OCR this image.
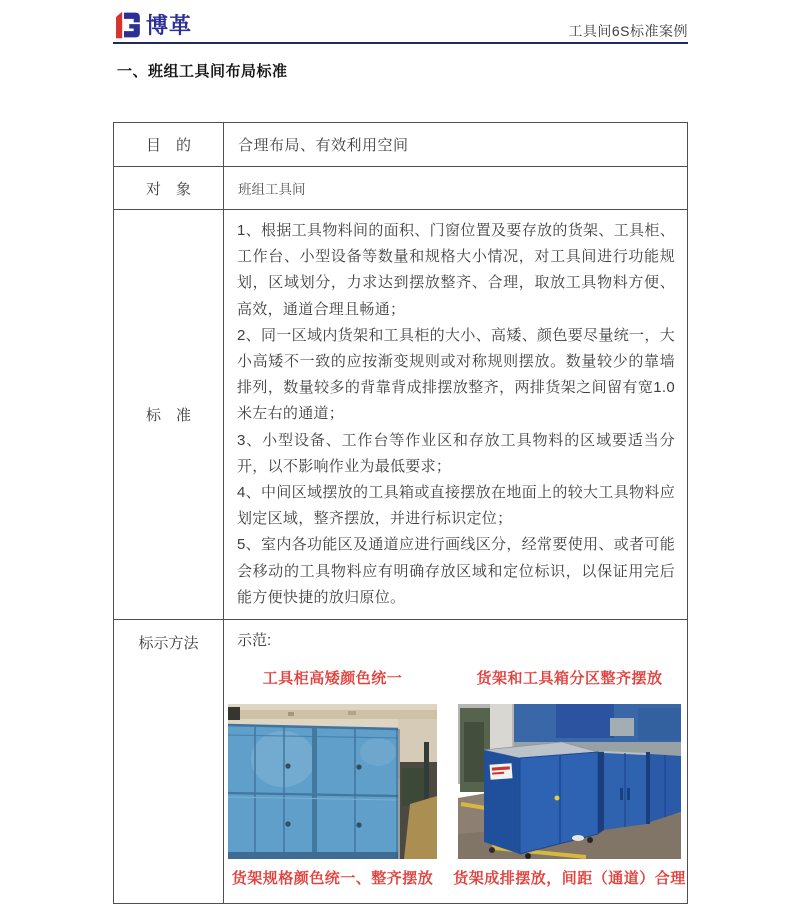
博革	工具间6S标准案例
一、班组工具间布局标准
目　的	合理布局、有效利用空间
对　象	班组工具间
标　准

1、根据工具物料间的面积、门窗位置及要存放的货架、工具柜、工作台、小型设备等数量和规格大小情况，对工具间进行功能规划，区域划分，力求达到摆放整齐、合理，取放工具物料方便、高效，通道合理且畅通；

2、同一区域内货架和工具柜的大小、高矮、颜色要尽量统一，大小高矮不一致的应按渐变规则或对称规则摆放。数量较少的靠墙排列，数量较多的背靠背成排摆放整齐，两排货架之间留有宽1.0米左右的通道；

3、小型设备、工作台等作业区和存放工具物料的区域要适当分开，以不影响作业为最低要求；

4、中间区域摆放的工具箱或直接摆放在地面上的较大工具物料应划定区域，整齐摆放，并进行标识定位；

5、室内各功能区及通道应进行画线区分，经常要使用、或者可能会移动的工具物料应有明确存放区域和定位标识，以保证用完后能方便快捷的放归原位。

标示方法	示范:
工具柜高矮颜色统一	货架和工具箱分区整齐摆放
货架规格颜色统一、整齐摆放 货架成排摆放，间距（通道）合理
